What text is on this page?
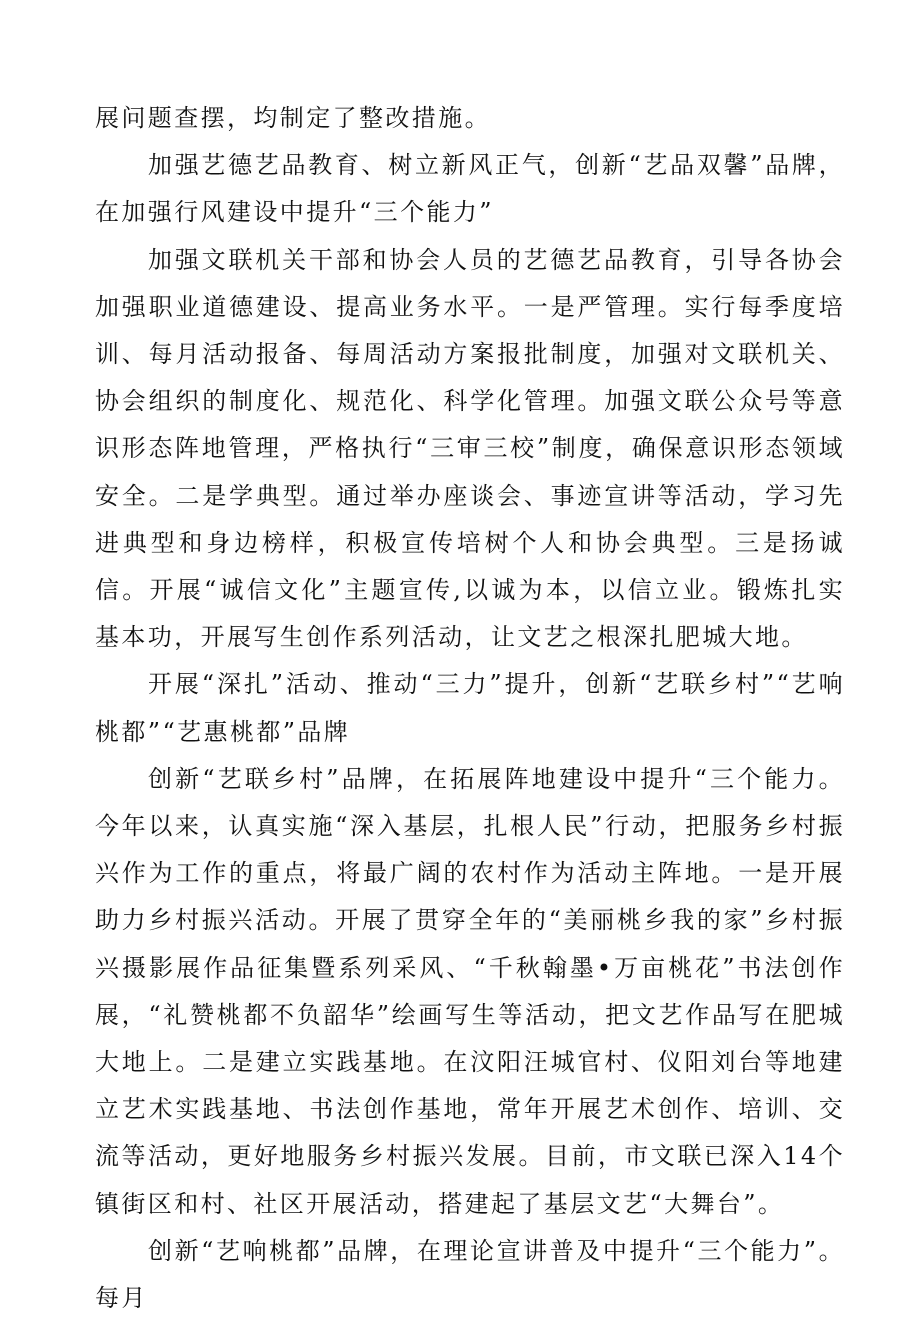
展问题查摆，均制定了整改措施。

加强艺德艺品教育、树立新风正气，创新“艺品双馨”品牌，在加强行风建设中提升“三个能力”

加强文联机关干部和协会人员的艺德艺品教育，引导各协会加强职业道德建设、提高业务水平。一是严管理。实行每季度培训、每月活动报备、每周活动方案报批制度，加强对文联机关、协会组织的制度化、规范化、科学化管理。加强文联公众号等意识形态阵地管理，严格执行“三审三校”制度，确保意识形态领域安全。二是学典型。通过举办座谈会、事迹宣讲等活动，学习先进典型和身边榜样，积极宣传培树个人和协会典型。三是扬诚信。开展“诚信文化”主题宣传,以诚为本，以信立业。锻炼扎实基本功，开展写生创作系列活动，让文艺之根深扎肥城大地。

开展“深扎”活动、推动“三力”提升，创新“艺联乡村”“艺响桃都”“艺惠桃都”品牌

创新“艺联乡村”品牌，在拓展阵地建设中提升“三个能力。今年以来，认真实施“深入基层，扎根人民”行动，把服务乡村振兴作为工作的重点，将最广阔的农村作为活动主阵地。一是开展助力乡村振兴活动。开展了贯穿全年的“美丽桃乡我的家”乡村振兴摄影展作品征集暨系列采风、“千秋翰墨•万亩桃花”书法创作展，“礼赞桃都不负韶华”绘画写生等活动，把文艺作品写在肥城大地上。二是建立实践基地。在汶阳汪城官村、仪阳刘台等地建立艺术实践基地、书法创作基地，常年开展艺术创作、培训、交流等活动，更好地服务乡村振兴发展。目前，市文联已深入14个镇街区和村、社区开展活动，搭建起了基层文艺“大舞台”。

创新“艺响桃都”品牌，在理论宣讲普及中提升“三个能力”。每月
